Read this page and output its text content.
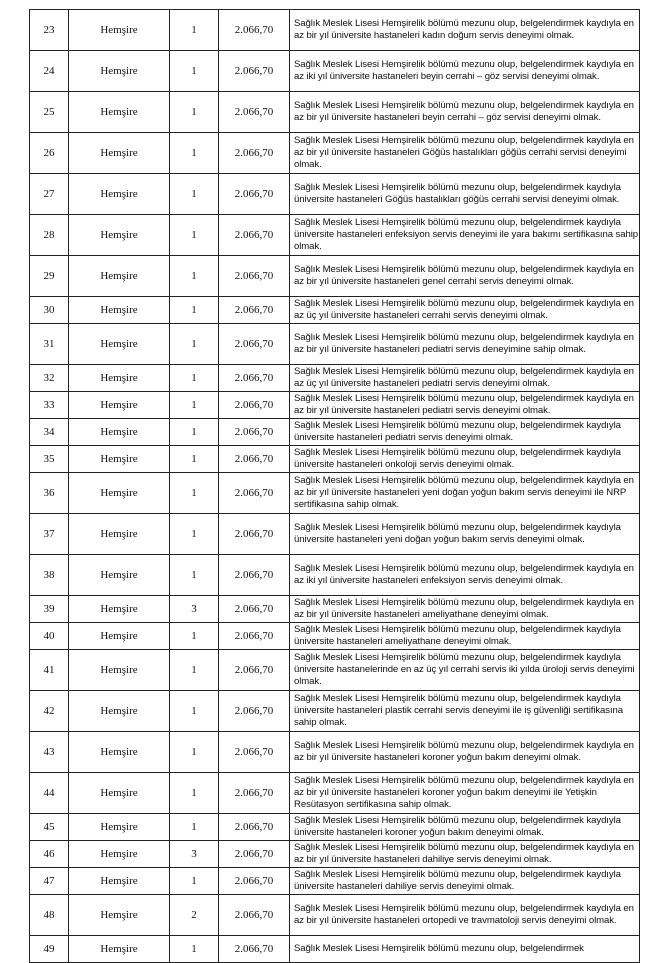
23	Hemşire	1	2.066,70	Sağlık Meslek Lisesi Hemşirelik bölümü mezunu olup, belgelendirmek kaydıyla en az bir yıl üniversite hastaneleri kadın doğum servis deneyimi olmak.
24	Hemşire	1	2.066,70	Sağlık Meslek Lisesi Hemşirelik bölümü mezunu olup, belgelendirmek kaydıyla en az iki yıl üniversite hastaneleri beyin cerrahi – göz servisi deneyimi olmak.
25	Hemşire	1	2.066,70	Sağlık Meslek Lisesi Hemşirelik bölümü mezunu olup, belgelendirmek kaydıyla en az bir yıl üniversite hastaneleri beyin cerrahi – göz servisi deneyimi olmak.
26	Hemşire	1	2.066,70	Sağlık Meslek Lisesi Hemşirelik bölümü mezunu olup, belgelendirmek kaydıyla en az bir yıl üniversite hastaneleri Göğüs hastalıkları göğüs cerrahi servisi deneyimi olmak.
27	Hemşire	1	2.066,70	Sağlık Meslek Lisesi Hemşirelik bölümü mezunu olup, belgelendirmek kaydıyla üniversite hastaneleri Göğüs hastalıkları göğüs cerrahi servisi deneyimi olmak.
28	Hemşire	1	2.066,70	Sağlık Meslek Lisesi Hemşirelik bölümü mezunu olup, belgelendirmek kaydıyla üniversite hastaneleri enfeksiyon servis deneyimi ile yara bakımı sertifikasına sahip olmak.
29	Hemşire	1	2.066,70	Sağlık Meslek Lisesi Hemşirelik bölümü mezunu olup, belgelendirmek kaydıyla en az bir yıl üniversite hastaneleri genel cerrahi servis deneyimi olmak.
30	Hemşire	1	2.066,70	Sağlık Meslek Lisesi Hemşirelik bölümü mezunu olup, belgelendirmek kaydıyla en az üç yıl üniversite hastaneleri cerrahi servis deneyimi olmak.
31	Hemşire	1	2.066,70	Sağlık Meslek Lisesi Hemşirelik bölümü mezunu olup, belgelendirmek kaydıyla en az bir yıl üniversite hastaneleri pediatri servis deneyimine sahip olmak.
32	Hemşire	1	2.066,70	Sağlık Meslek Lisesi Hemşirelik bölümü mezunu olup, belgelendirmek kaydıyla en az üç yıl üniversite hastaneleri pediatri servis deneyimi olmak.
33	Hemşire	1	2.066,70	Sağlık Meslek Lisesi Hemşirelik bölümü mezunu olup, belgelendirmek kaydıyla en az bir yıl üniversite hastaneleri pediatri servis deneyimi olmak.
34	Hemşire	1	2.066,70	Sağlık Meslek Lisesi Hemşirelik bölümü mezunu olup, belgelendirmek kaydıyla üniversite hastaneleri pediatri servis deneyimi olmak.
35	Hemşire	1	2.066,70	Sağlık Meslek Lisesi Hemşirelik bölümü mezunu olup, belgelendirmek kaydıyla üniversite hastaneleri onkoloji servis deneyimi olmak.
36	Hemşire	1	2.066,70	Sağlık Meslek Lisesi Hemşirelik bölümü mezunu olup, belgelendirmek kaydıyla en az bir yıl üniversite hastaneleri yeni doğan yoğun bakım servis deneyimi ile NRP sertifikasına sahip olmak.
37	Hemşire	1	2.066,70	Sağlık Meslek Lisesi Hemşirelik bölümü mezunu olup, belgelendirmek kaydıyla üniversite hastaneleri yeni doğan yoğun bakım servis deneyimi olmak.
38	Hemşire	1	2.066,70	Sağlık Meslek Lisesi Hemşirelik bölümü mezunu olup, belgelendirmek kaydıyla en az iki yıl üniversite hastaneleri enfeksiyon servis deneyimi olmak.
39	Hemşire	3	2.066,70	Sağlık Meslek Lisesi Hemşirelik bölümü mezunu olup, belgelendirmek kaydıyla en az bir yıl üniversite hastaneleri ameliyathane deneyimi olmak.
40	Hemşire	1	2.066,70	Sağlık Meslek Lisesi Hemşirelik bölümü mezunu olup, belgelendirmek kaydıyla üniversite hastaneleri ameliyathane deneyimi olmak.
41	Hemşire	1	2.066,70	Sağlık Meslek Lisesi Hemşirelik bölümü mezunu olup, belgelendirmek kaydıyla üniversite hastanelerinde en az üç yıl cerrahi servis iki yılda üroloji servis deneyimi olmak.
42	Hemşire	1	2.066,70	Sağlık Meslek Lisesi Hemşirelik bölümü mezunu olup, belgelendirmek kaydıyla üniversite hastaneleri plastik cerrahi servis deneyimi ile iş güvenliği sertifikasına sahip olmak.
43	Hemşire	1	2.066,70	Sağlık Meslek Lisesi Hemşirelik bölümü mezunu olup, belgelendirmek kaydıyla en az bir yıl üniversite hastaneleri koroner yoğun bakım deneyimi olmak.
44	Hemşire	1	2.066,70	Sağlık Meslek Lisesi Hemşirelik bölümü mezunu olup, belgelendirmek kaydıyla en az bir yıl üniversite hastaneleri koroner yoğun bakım deneyimi ile Yetişkin Resütasyon sertifikasına sahip olmak.
45	Hemşire	1	2.066,70	Sağlık Meslek Lisesi Hemşirelik bölümü mezunu olup, belgelendirmek kaydıyla üniversite hastaneleri koroner yoğun bakım deneyimi olmak.
46	Hemşire	3	2.066,70	Sağlık Meslek Lisesi Hemşirelik bölümü mezunu olup, belgelendirmek kaydıyla en az bir yıl üniversite hastaneleri dahiliye servis deneyimi olmak.
47	Hemşire	1	2.066,70	Sağlık Meslek Lisesi Hemşirelik bölümü mezunu olup, belgelendirmek kaydıyla üniversite hastaneleri dahiliye servis deneyimi olmak.
48	Hemşire	2	2.066,70	Sağlık Meslek Lisesi Hemşirelik bölümü mezunu olup, belgelendirmek kaydıyla en az bir yıl üniversite hastaneleri ortopedi ve travmatoloji servis deneyimi olmak.
49	Hemşire	1	2.066,70	Sağlık Meslek Lisesi Hemşirelik bölümü mezunu olup, belgelendirmek
